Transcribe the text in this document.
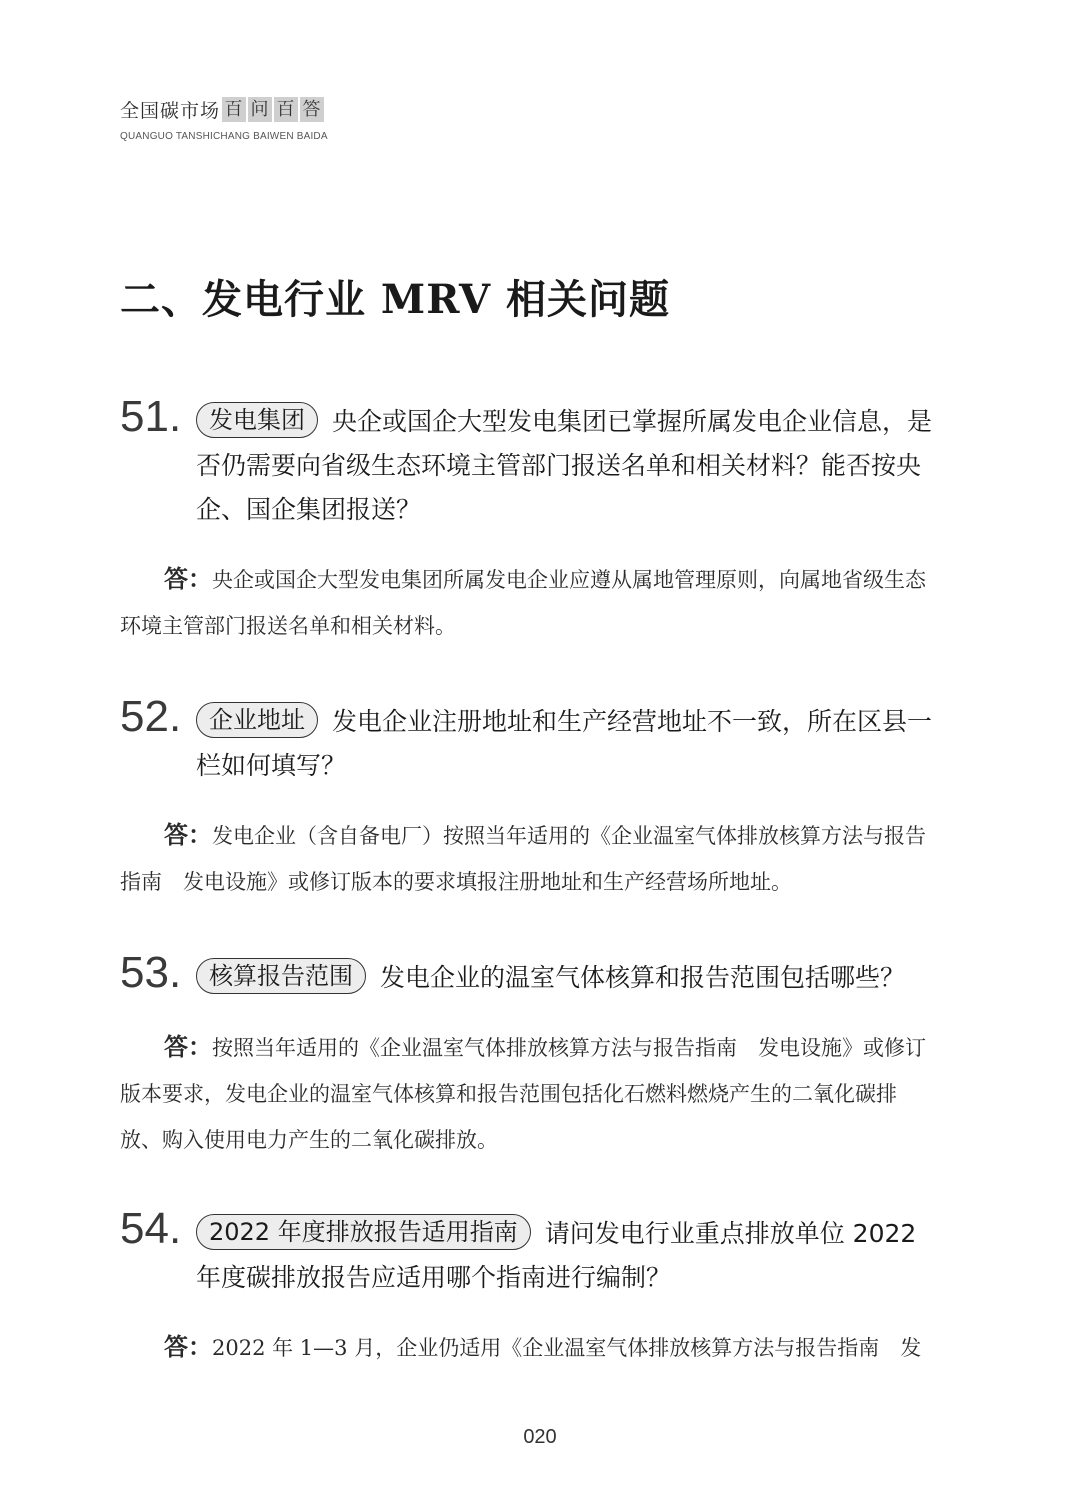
全国碳市场 百 问 百 答
QUANGUO TANSHICHANG BAIWEN BAIDA
二、发电行业 MRV 相关问题
51.	发电集团 央企或国企大型发电集团已掌握所属发电企业信息，是否仍需要向省级生态环境主管部门报送名单和相关材料？能否按央企、国企集团报送？
答：央企或国企大型发电集团所属发电企业应遵从属地管理原则，向属地省级生态环境主管部门报送名单和相关材料。
52.	企业地址 发电企业注册地址和生产经营地址不一致，所在区县一栏如何填写？
答：发电企业（含自备电厂）按照当年适用的《企业温室气体排放核算方法与报告指南　发电设施》或修订版本的要求填报注册地址和生产经营场所地址。
53.	核算报告范围 发电企业的温室气体核算和报告范围包括哪些？
答：按照当年适用的《企业温室气体排放核算方法与报告指南　发电设施》或修订版本要求，发电企业的温室气体核算和报告范围包括化石燃料燃烧产生的二氧化碳排放、购入使用电力产生的二氧化碳排放。
54.	2022 年度排放报告适用指南 请问发电行业重点排放单位 2022 年度碳排放报告应适用哪个指南进行编制？
答：2022 年 1—3 月，企业仍适用《企业温室气体排放核算方法与报告指南　发
020
